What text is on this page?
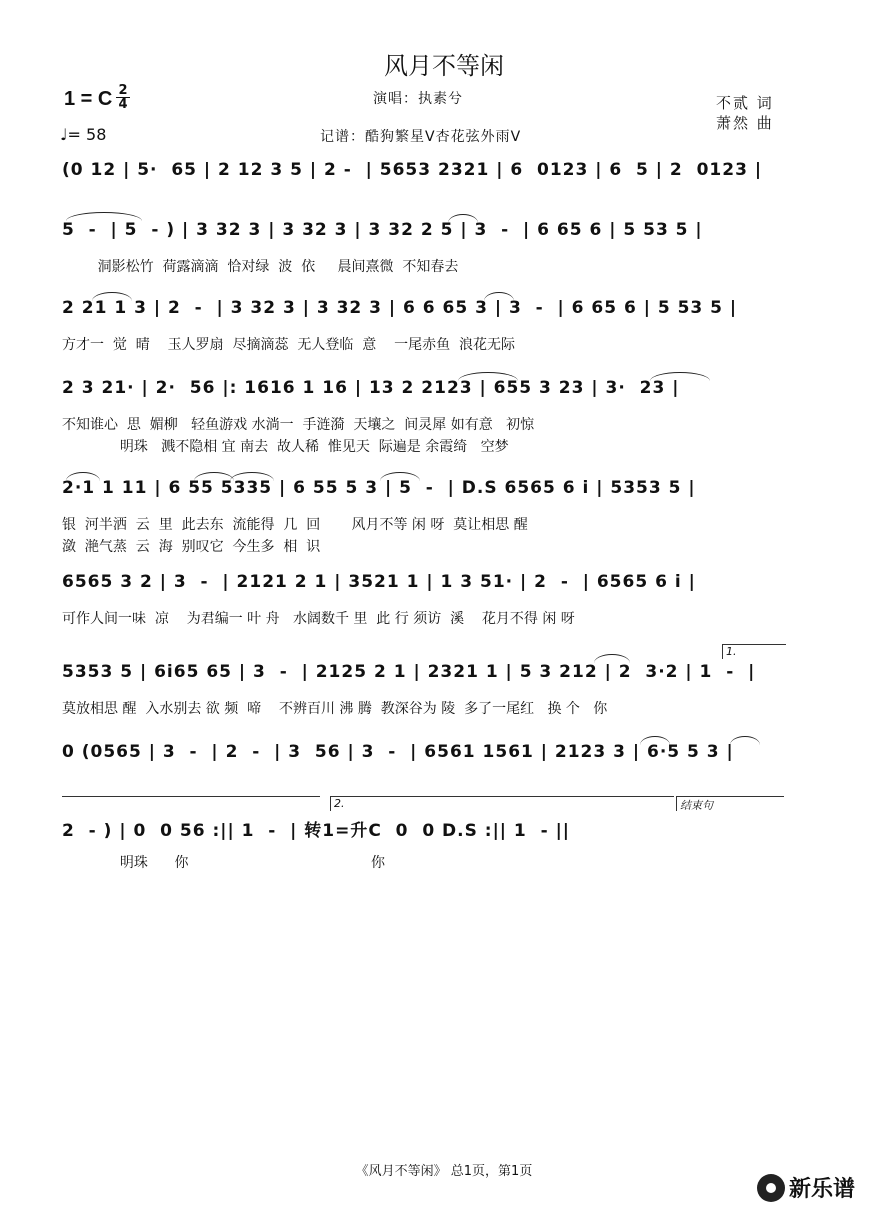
风月不等闲
1 = C $\frac{2}{4}$
♩= 58
演唱：执素兮
记谱：酷狗繁星V杏花弦外雨V
不贰 词
萧然 曲
(0 12 | 5·  65 | 2 12 3 5 | 2 -  | 5653 2321 | 6  0123 | 6  5 | 2  0123 |
5  -  | 5  - ) | 3 32 3 | 3 32 3 | 3 32 2 5 | 3  -  | 6 65 6 | 5 53 5 |
洞影松竹  荷露滴滴  恰对绿  波  依     晨间熹微  不知春去
2 21 1 3 | 2  -  | 3 32 3 | 3 32 3 | 6 6 65 3 | 3  -  | 6 65 6 | 5 53 5 |
方才一  觉  晴    玉人罗扇  尽摘滴蕊  无人登临  意    一尾赤鱼  浪花无际
2 3 21· | 2·  56 |: 1616 1 16 | 13 2 2123 | 655 3 23 | 3·  23 |
不知谁心  思  媚柳   轻鱼游戏 水淌一  手涟漪  天壤之  间灵犀 如有意   初惊
明珠   溅不隐相 宜 南去  故人稀  惟见天  际遍是 余霞绮   空梦
2·1 1 11 | 6 55 5335 | 6 55 5 3 | 5  -  | D.S 6565 6 i | 5353 5 |
银  河半洒  云  里  此去东  流能得  几  回       风月不等 闲 呀  莫让相思 醒
潋  滟气蒸  云  海  别叹它  今生多  相  识
6565 3 2 | 3  -  | 2121 2 1 | 3521 1 | 1 3 51· | 2  -  | 6565 6 i |
可作人间一味  凉    为君编一 叶 舟   水阔数千 里  此 行 须访  溪    花月不得 闲 呀
5353 5 | 6i65 65 | 3  -  | 2125 2 1 | 2321 1 | 5 3 212 | 2  3·2 | 1  -  |
莫放相思 醒  入水别去 欲 频  啼    不辨百川 沸 腾  教深谷为 陵  多了一尾红   换 个   你
0 (0565 | 3  -  | 2  -  | 3  56 | 3  -  | 6561 1561 | 2123 3 | 6·5 5 3 |
2  - ) | 0  0 56 :|| 1  -  | 转1=升C  0  0 D.S :|| 1  - ||
明珠      你                                         你
1.
2.	结束句
《风月不等闲》 总1页，第1页
新乐谱
